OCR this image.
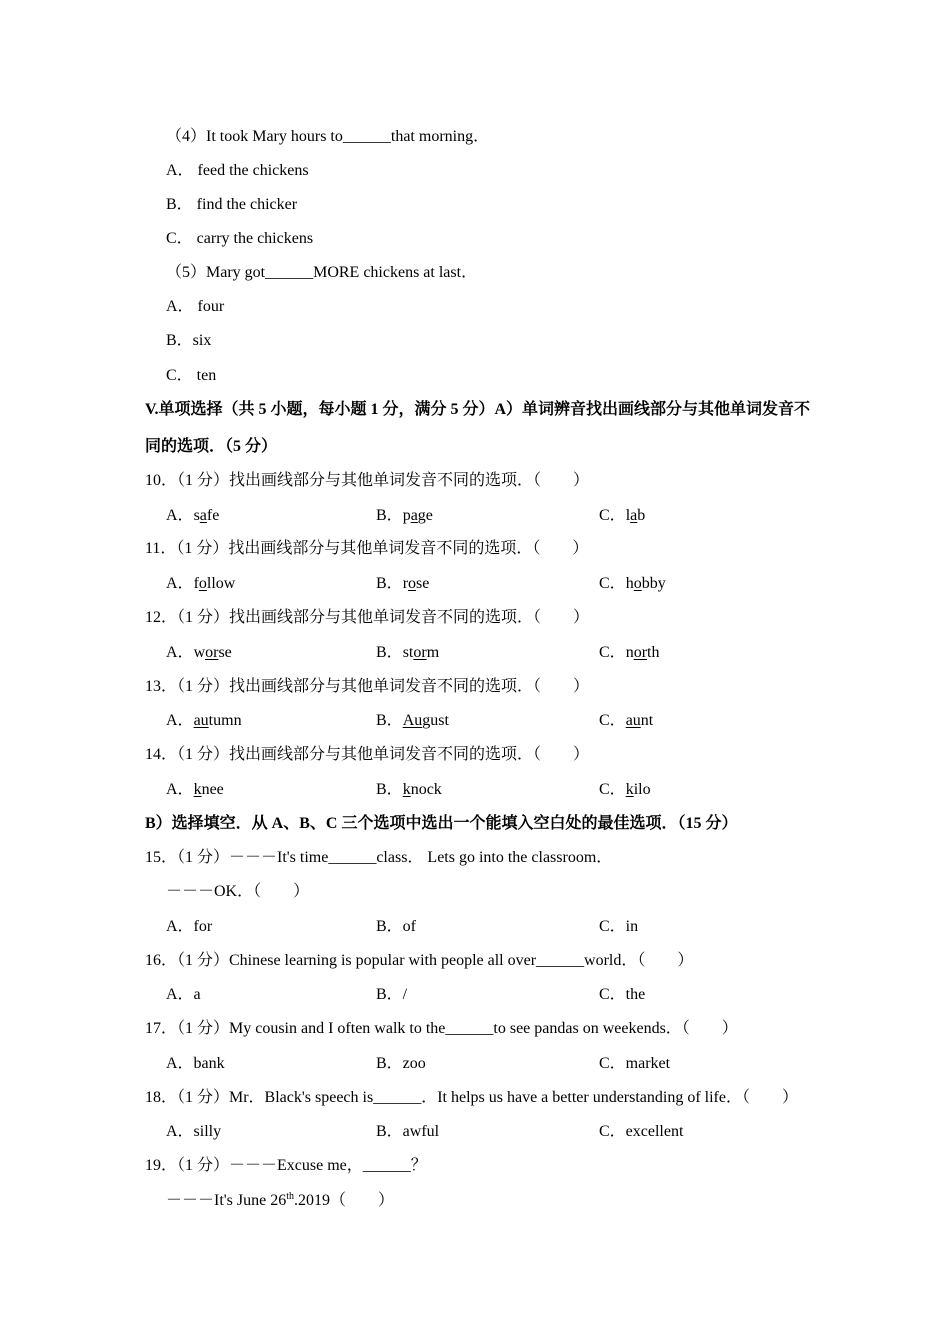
（4）It took Mary hours to______that morning．
A． feed the chickens
B． find the chicker
C． carry the chickens
（5）Mary got______MORE chickens at last．
A． four
B．six
C． ten
V.单项选择（共 5 小题，每小题 1 分，满分 5 分）A）单词辨音找出画线部分与其他单词发音不
同的选项．（5 分）
10．（1 分）找出画线部分与其他单词发音不同的选项．（　　）
A．safe	B．page	C．lab
11．（1 分）找出画线部分与其他单词发音不同的选项．（　　）
A．follow	B．rose	C．hobby
12．（1 分）找出画线部分与其他单词发音不同的选项．（　　）
A．worse	B．storm	C．north
13．（1 分）找出画线部分与其他单词发音不同的选项．（　　）
A．autumn	B．August	C．aunt
14．（1 分）找出画线部分与其他单词发音不同的选项．（　　）
A．knee	B．knock	C．kilo
B）选择填空．从 A、B、C 三个选项中选出一个能填入空白处的最佳选项．（15 分）
15．（1 分）－－－It's time______class． Lets go into the classroom．
－－－OK．（　　）
A．for	B．of	C．in
16．（1 分）Chinese learning is popular with people all over______world．（　　）
A．a	B．/	C．the
17．（1 分）My cousin and I often walk to the______to see pandas on weekends．（　　）
A．bank	B．zoo	C．market
18．（1 分）Mr．Black's speech is______．It helps us have a better understanding of life．（　　）
A．silly	B．awful	C．excellent
19．（1 分）－－－Excuse me，______？
－－－It's June 26th.2019（　　）
